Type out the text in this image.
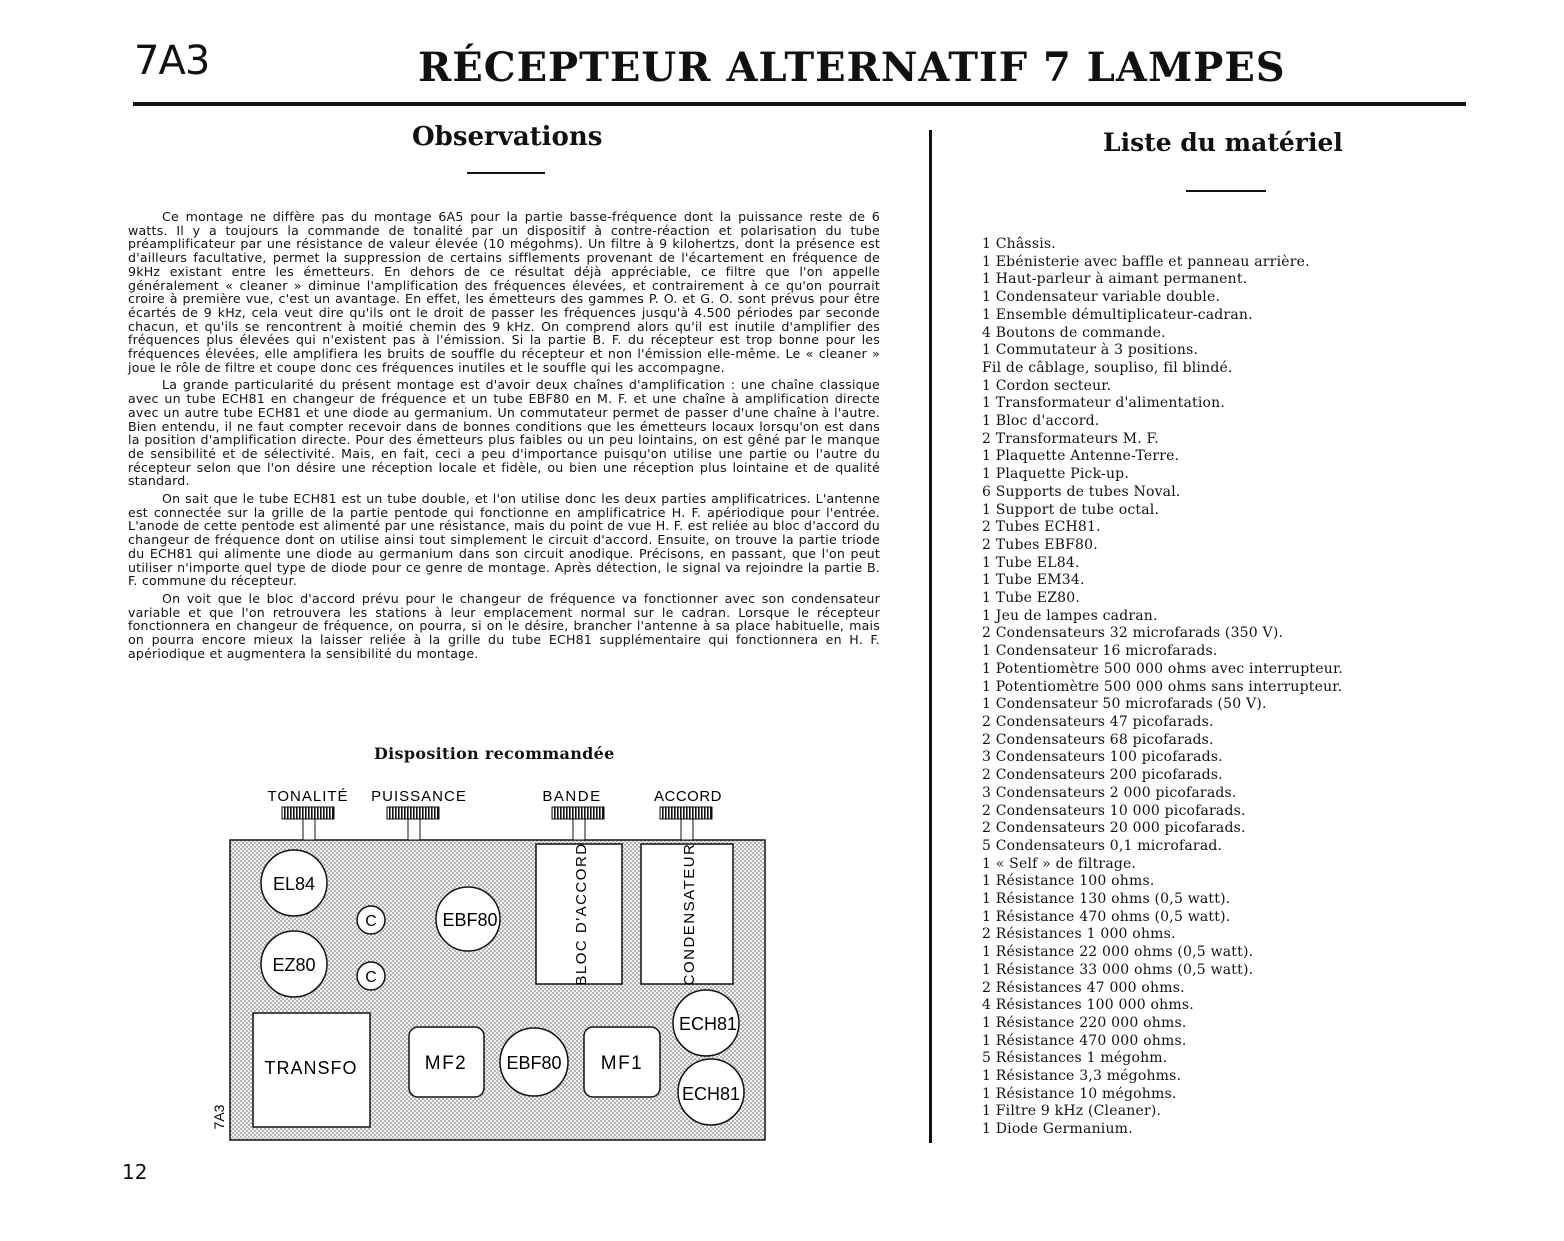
7A3	RÉCEPTEUR ALTERNATIF 7 LAMPES
Observations

Ce montage ne diffère pas du montage 6A5 pour la partie basse-fréquence dont la puissance reste de 6 watts. Il y a toujours la commande de tonalité par un dispositif à contre-réaction et polarisation du tube préamplificateur par une résistance de valeur élevée (10 mégohms). Un filtre à 9 kilohertzs, dont la présence est d'ailleurs facultative, permet la suppression de certains sifflements provenant de l'écartement en fréquence de 9kHz existant entre les émetteurs. En dehors de ce résultat déjà appréciable, ce filtre que l'on appelle généralement « cleaner » diminue l'amplification des fréquences élevées, et contrairement à ce qu'on pourrait croire à première vue, c'est un avantage. En effet, les émetteurs des gammes P. O. et G. O. sont prévus pour être écartés de 9 kHz, cela veut dire qu'ils ont le droit de passer les fréquences jusqu'à 4.500 périodes par seconde chacun, et qu'ils se rencontrent à moitié chemin des 9 kHz. On comprend alors qu'il est inutile d'amplifier des fréquences plus élevées qui n'existent pas à l'émission. Si la partie B. F. du récepteur est trop bonne pour les fréquences élevées, elle amplifiera les bruits de souffle du récepteur et non l'émission elle-même. Le « cleaner » joue le rôle de filtre et coupe donc ces fréquences inutiles et le souffle qui les accompagne.

La grande particularité du présent montage est d'avoir deux chaînes d'amplification : une chaîne classique avec un tube ECH81 en changeur de fréquence et un tube EBF80 en M. F. et une chaîne à amplification directe avec un autre tube ECH81 et une diode au germanium. Un commutateur permet de passer d'une chaîne à l'autre. Bien entendu, il ne faut compter recevoir dans de bonnes conditions que les émetteurs locaux lorsqu'on est dans la position d'amplification directe. Pour des émetteurs plus faibles ou un peu lointains, on est gêné par le manque de sensibilité et de sélectivité. Mais, en fait, ceci a peu d'importance puisqu'on utilise une partie ou l'autre du récepteur selon que l'on désire une réception locale et fidèle, ou bien une réception plus lointaine et de qualité standard.

On sait que le tube ECH81 est un tube double, et l'on utilise donc les deux parties amplificatrices. L'antenne est connectée sur la grille de la partie pentode qui fonctionne en amplificatrice H. F. apériodique pour l'entrée. L'anode de cette pentode est alimenté par une résistance, mais du point de vue H. F. est reliée au bloc d'accord du changeur de fréquence dont on utilise ainsi tout simplement le circuit d'accord. Ensuite, on trouve la partie triode du ECH81 qui alimente une diode au germanium dans son circuit anodique. Précisons, en passant, que l'on peut utiliser n'importe quel type de diode pour ce genre de montage. Après détection, le signal va rejoindre la partie B. F. commune du récepteur.

On voit que le bloc d'accord prévu pour le changeur de fréquence va fonctionner avec son condensateur variable et que l'on retrouvera les stations à leur emplacement normal sur le cadran. Lorsque le récepteur fonctionnera en changeur de fréquence, on pourra, si on le désire, brancher l'antenne à sa place habituelle, mais on pourra encore mieux la laisser reliée à la grille du tube ECH81 supplémentaire qui fonctionnera en H. F. apériodique et augmentera la sensibilité du montage.

Disposition recommandée
TONALITÉ PUISSANCE	BANDE	ACCORD
BLOC D'ACCORD	CONDENSATEUR
EL84
EZ80
EBF80
EBF80
ECH81
ECH81
C
C
TRANSFO	MF2	MF1
7A3
Liste du matériel
1 Châssis.
1 Ebénisterie avec baffle et panneau arrière.
1 Haut-parleur à aimant permanent.
1 Condensateur variable double.
1 Ensemble démultiplicateur-cadran.
4 Boutons de commande.
1 Commutateur à 3 positions.
Fil de câblage, soupliso, fil blindé.
1 Cordon secteur.
1 Transformateur d'alimentation.
1 Bloc d'accord.
2 Transformateurs M. F.
1 Plaquette Antenne-Terre.
1 Plaquette Pick-up.
6 Supports de tubes Noval.
1 Support de tube octal.
2 Tubes ECH81.
2 Tubes EBF80.
1 Tube EL84.
1 Tube EM34.
1 Tube EZ80.
1 Jeu de lampes cadran.
2 Condensateurs 32 microfarads (350 V).
1 Condensateur 16 microfarads.
1 Potentiomètre 500 000 ohms avec interrupteur.
1 Potentiomètre 500 000 ohms sans interrupteur.
1 Condensateur 50 microfarads (50 V).
2 Condensateurs 47 picofarads.
2 Condensateurs 68 picofarads.
3 Condensateurs 100 picofarads.
2 Condensateurs 200 picofarads.
3 Condensateurs 2 000 picofarads.
2 Condensateurs 10 000 picofarads.
2 Condensateurs 20 000 picofarads.
5 Condensateurs 0,1 microfarad.
1 « Self » de filtrage.
1 Résistance 100 ohms.
1 Résistance 130 ohms (0,5 watt).
1 Résistance 470 ohms (0,5 watt).
2 Résistances 1 000 ohms.
1 Résistance 22 000 ohms (0,5 watt).
1 Résistance 33 000 ohms (0,5 watt).
2 Résistances 47 000 ohms.
4 Résistances 100 000 ohms.
1 Résistance 220 000 ohms.
1 Résistance 470 000 ohms.
5 Résistances 1 mégohm.
1 Résistance 3,3 mégohms.
1 Résistance 10 mégohms.
1 Filtre 9 kHz (Cleaner).
1 Diode Germanium.
12
